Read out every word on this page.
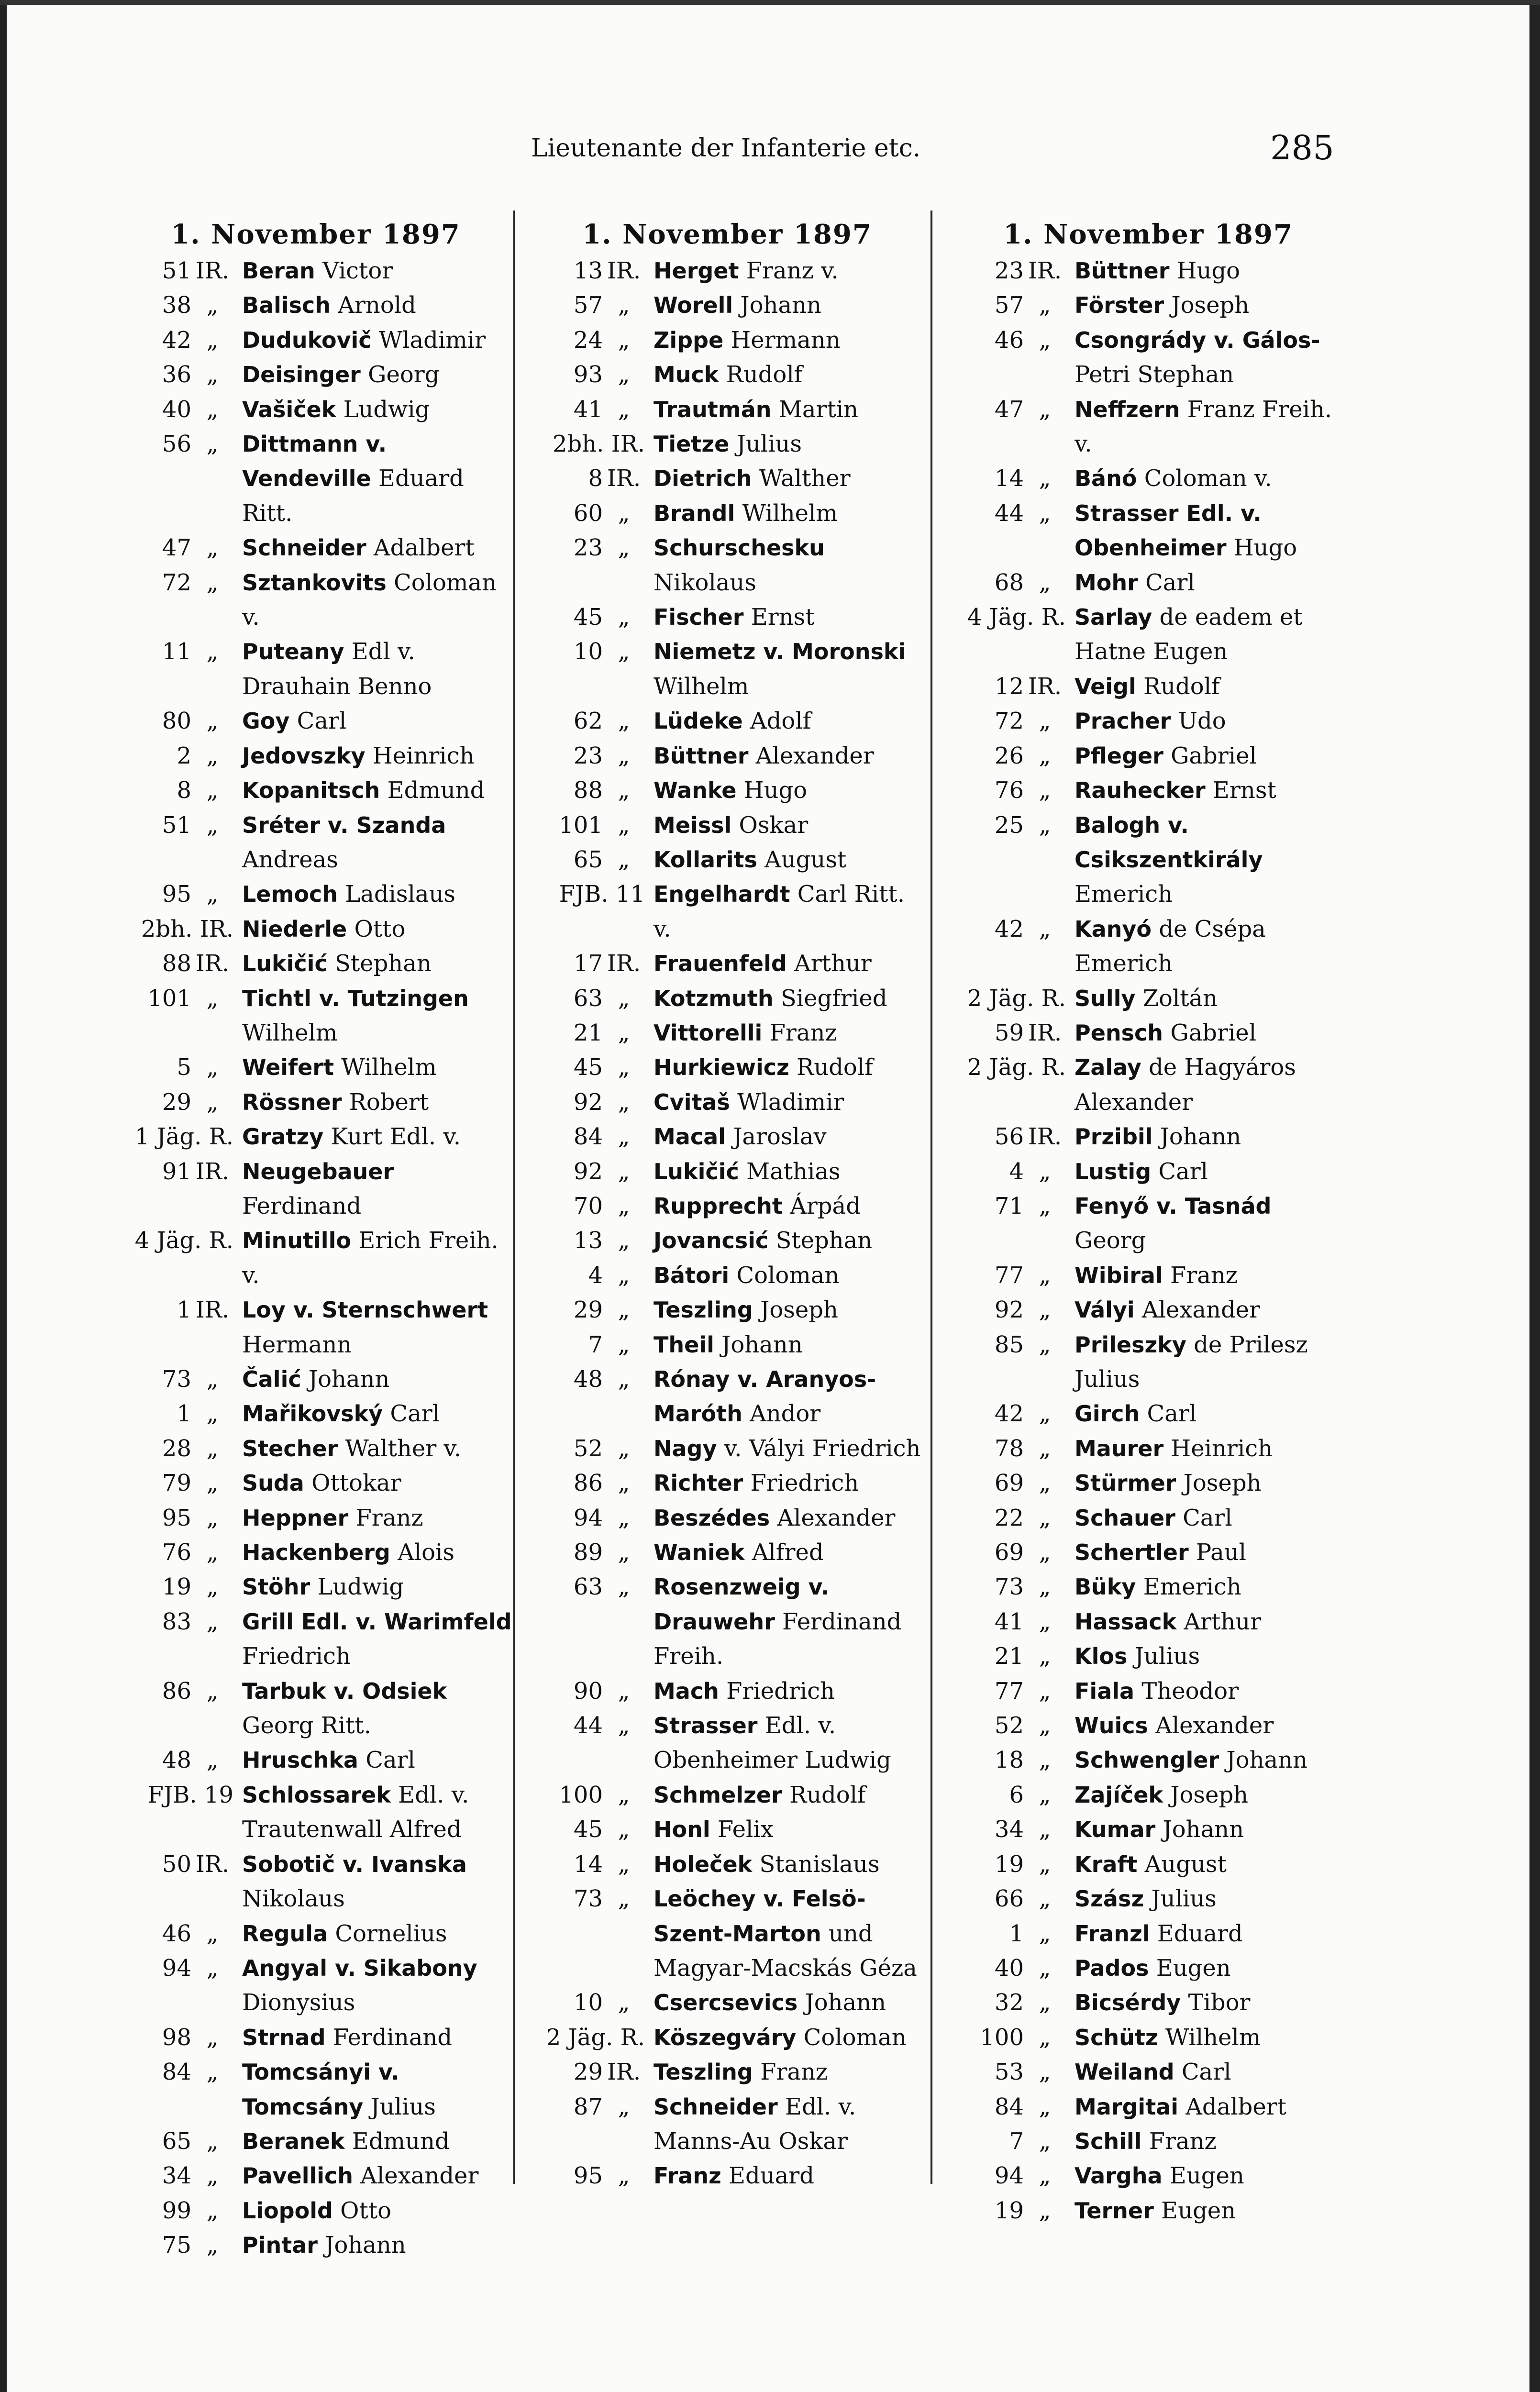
Lieutenante der Infanterie etc.	285
1. November 1897
51 IR. Beran Victor
38 „	Balisch Arnold
42 „	Dudukovič Wladimir
36 „	Deisinger Georg
40 „	Vašiček Ludwig
56 „	Dittmann v. Vendeville Eduard Ritt.
47 „	Schneider Adalbert
72 „	Sztankovits Coloman v.
11 „	Puteany Edl v. Drauhain Benno
80 „	Goy Carl
2 „	Jedovszky Heinrich
8 „	Kopanitsch Edmund
51 „	Sréter v. Szanda Andreas
95 „	Lemoch Ladislaus
2bh. IR. Niederle Otto
88 IR. Lukičić Stephan
101 „	Tichtl v. Tutzingen Wilhelm
5 „	Weifert Wilhelm
29 „	Rössner Robert
1 Jäg. R. Gratzy Kurt Edl. v.
91 IR. Neugebauer Ferdinand
4 Jäg. R. Minutillo Erich Freih. v.
1 IR. Loy v. Sternschwert Hermann
73 „	Čalić Johann
1 „	Mařikovský Carl
28 „	Stecher Walther v.
79 „	Suda Ottokar
95 „	Heppner Franz
76 „	Hackenberg Alois
19 „	Stöhr Ludwig
83 „	Grill Edl. v. Warimfeld Friedrich
86 „	Tarbuk v. Odsiek Georg Ritt.
48 „	Hruschka Carl
FJB. 19 Schlossarek Edl. v. Trautenwall Alfred
50 IR. Sobotič v. Ivanska Nikolaus
46 „	Regula Cornelius
94 „	Angyal v. Sikabony Dionysius
98 „	Strnad Ferdinand
84 „	Tomcsányi v. Tomcsány Julius
65 „	Beranek Edmund
34 „	Pavellich Alexander
99 „	Liopold Otto
75 „	Pintar Johann
1. November 1897
13 IR. Herget Franz v.
57 „	Worell Johann
24 „	Zippe Hermann
93 „	Muck Rudolf
41 „	Trautmán Martin
2bh. IR. Tietze Julius
8 IR. Dietrich Walther
60 „	Brandl Wilhelm
23 „	Schurschesku Nikolaus
45 „	Fischer Ernst
10 „	Niemetz v. Moronski Wilhelm
62 „	Lüdeke Adolf
23 „	Büttner Alexander
88 „	Wanke Hugo
101 „	Meissl Oskar
65 „	Kollarits August
FJB. 11 Engelhardt Carl Ritt. v.
17 IR. Frauenfeld Arthur
63 „	Kotzmuth Siegfried
21 „	Vittorelli Franz
45 „	Hurkiewicz Rudolf
92 „	Cvitaš Wladimir
84 „	Macal Jaroslav
92 „	Lukičić Mathias
70 „	Rupprecht Árpád
13 „	Jovancsić Stephan
4 „	Bátori Coloman
29 „	Teszling Joseph
7 „	Theil Johann
48 „	Rónay v. Aranyos-Maróth Andor
52 „	Nagy v. Vályi Friedrich
86 „	Richter Friedrich
94 „	Beszédes Alexander
89 „	Waniek Alfred
63 „	Rosenzweig v. Drauwehr Ferdinand Freih.
90 „	Mach Friedrich
44 „	Strasser Edl. v. Obenheimer Ludwig
100 „	Schmelzer Rudolf
45 „	Honl Felix
14 „	Holeček Stanislaus
73 „	Leöchey v. Felsö-Szent-Marton und Magyar-Macskás Géza
10 „	Csercsevics Johann
2 Jäg. R. Köszegváry Coloman
29 IR. Teszling Franz
87 „	Schneider Edl. v. Manns-Au Oskar
95 „	Franz Eduard
1. November 1897
23 IR. Büttner Hugo
57 „	Förster Joseph
46 „	Csongrády v. Gálos- Petri Stephan
47 „	Neffzern Franz Freih. v.
14 „	Bánó Coloman v.
44 „	Strasser Edl. v. Obenheimer Hugo
68 „	Mohr Carl
4 Jäg. R. Sarlay de eadem et Hatne Eugen
12 IR. Veigl Rudolf
72 „	Pracher Udo
26 „	Pfleger Gabriel
76 „	Rauhecker Ernst
25 „	Balogh v. Csikszentkirály Emerich
42 „	Kanyó de Csépa Emerich
2 Jäg. R. Sully Zoltán
59 IR. Pensch Gabriel
2 Jäg. R. Zalay de Hagyáros Alexander
56 IR. Przibil Johann
4 „	Lustig Carl
71 „	Fenyő v. Tasnád Georg
77 „	Wibiral Franz
92 „	Vályi Alexander
85 „	Prileszky de Prilesz Julius
42 „	Girch Carl
78 „	Maurer Heinrich
69 „	Stürmer Joseph
22 „	Schauer Carl
69 „	Schertler Paul
73 „	Büky Emerich
41 „	Hassack Arthur
21 „	Klos Julius
77 „	Fiala Theodor
52 „	Wuics Alexander
18 „	Schwengler Johann
6 „	Zajíček Joseph
34 „	Kumar Johann
19 „	Kraft August
66 „	Szász Julius
1 „	Franzl Eduard
40 „	Pados Eugen
32 „	Bicsérdy Tibor
100 „	Schütz Wilhelm
53 „	Weiland Carl
84 „	Margitai Adalbert
7 „	Schill Franz
94 „	Vargha Eugen
19 „	Terner Eugen
